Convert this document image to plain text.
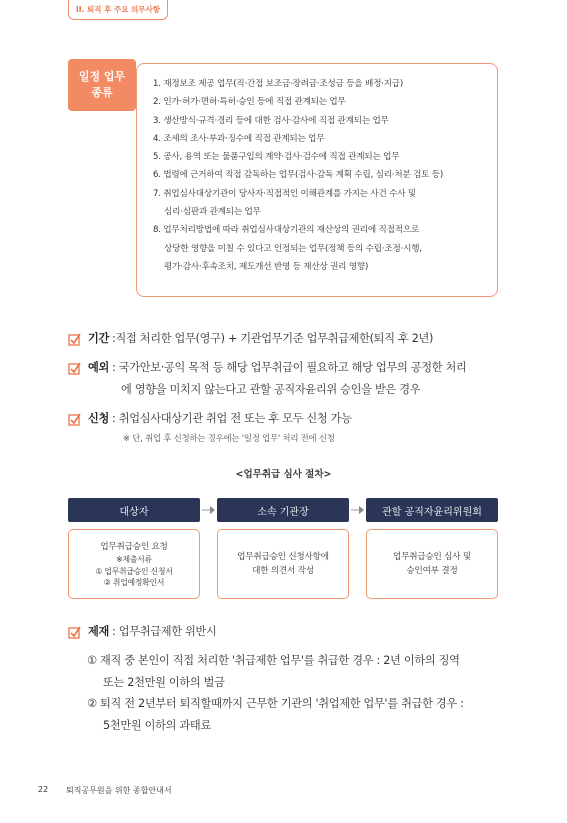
II. 퇴직 후 주요 의무사항
일정 업무
종류
1. 재정보조 제공 업무(직·간접 보조금·장려금·조성금 등을 배정·지급)
2. 인가·허가·면허·특허·승인 등에 직접 관계되는 업무
3. 생산방식·규격·경리 등에 대한 검사·감사에 직접 관계되는 업무
4. 조세의 조사·부과·징수에 직접 관계되는 업무
5. 공사, 용역 또는 물품구입의 계약·검사·검수에 직접 관계되는 업무
6. 법령에 근거하여 직접 감독하는 업무(검사·감독 계획 수립, 심리·처분 검토 등)
7. 취업심사대상기관이 당사자·직접적인 이해관계를 가지는 사건 수사 및
심리·심판과 관계되는 업무
8. 업무처리방법에 따라 취업심사대상기관의 재산상의 권리에 직접적으로
상당한 영향을 미칠 수 있다고 인정되는 업무(정책 등의 수립·조정·시행,
평가·감사·후속조치, 제도개선 반영 등 재산상 권리 영향)
기간 :직접 처리한 업무(영구) + 기관업무기준 업무취급제한(퇴직 후 2년)
예외 : 국가안보·공익 목적 등 해당 업무취급이 필요하고 해당 업무의 공정한 처리
에 영향을 미치지 않는다고 관할 공직자윤리위 승인을 받은 경우
신청 : 취업심사대상기관 취업 전 또는 후 모두 신청 가능
※ 단, 취업 후 신청하는 경우에는 '일정 업무' 처리 전에 신청
<업무취급 심사 절차>
대상자	소속 기관장	관할 공직자윤리위원회
업무취급승인 요청
※제출서류
① 업무취급승인 신청서
② 취업예정확인서
업무취급승인 신청사항에
대한 의견서 작성
업무취급승인 심사 및
승인여부 결정
제재 : 업무취급제한 위반시
① 재직 중 본인이 직접 처리한 '취급제한 업무'를 취급한 경우 : 2년 이하의 징역
또는 2천만원 이하의 벌금
② 퇴직 전 2년부터 퇴직할때까지 근무한 기관의 '취업제한 업무'를 취급한 경우 :
5천만원 이하의 과태료
22 퇴직공무원을 위한 종합안내서
